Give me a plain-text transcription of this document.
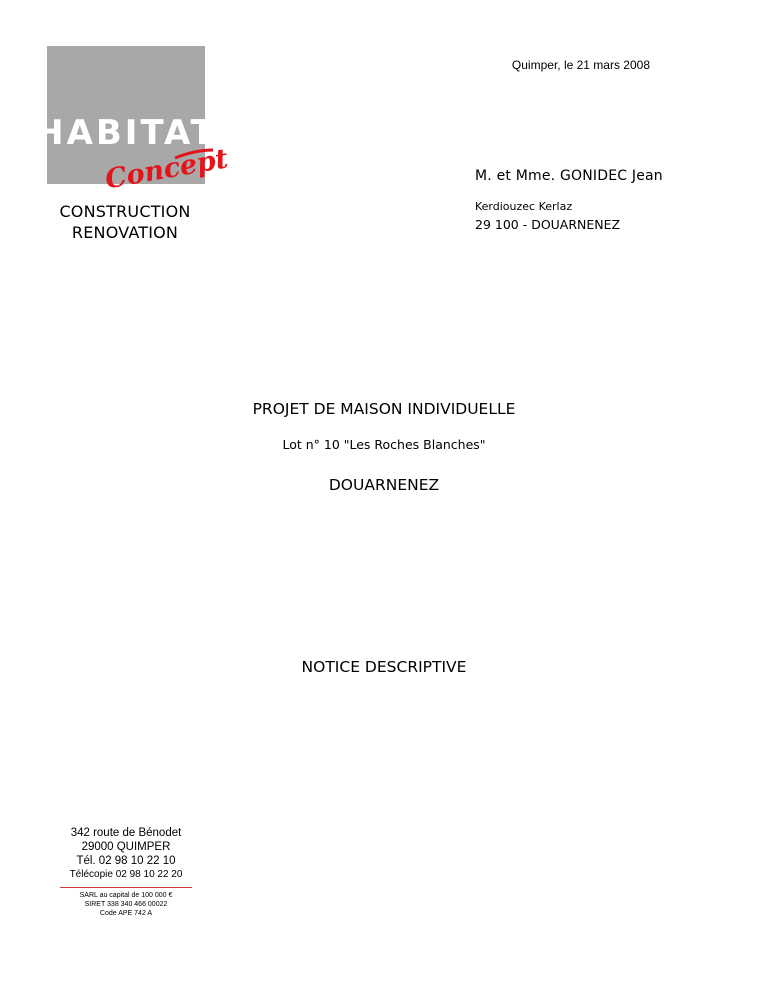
HABITAT
Concept
CONSTRUCTION
RENOVATION
Quimper, le 21 mars 2008
M. et Mme. GONIDEC Jean
Kerdiouzec Kerlaz
29 100 - DOUARNENEZ
PROJET DE MAISON INDIVIDUELLE
Lot n° 10 "Les Roches Blanches"
DOUARNENEZ
NOTICE DESCRIPTIVE
342 route de Bénodet
29000 QUIMPER
Tél. 02 98 10 22 10
Télécopie 02 98 10 22 20
SARL au capital de 100 000 €
SIRET 338 340 466 00022
Code APE 742 A
